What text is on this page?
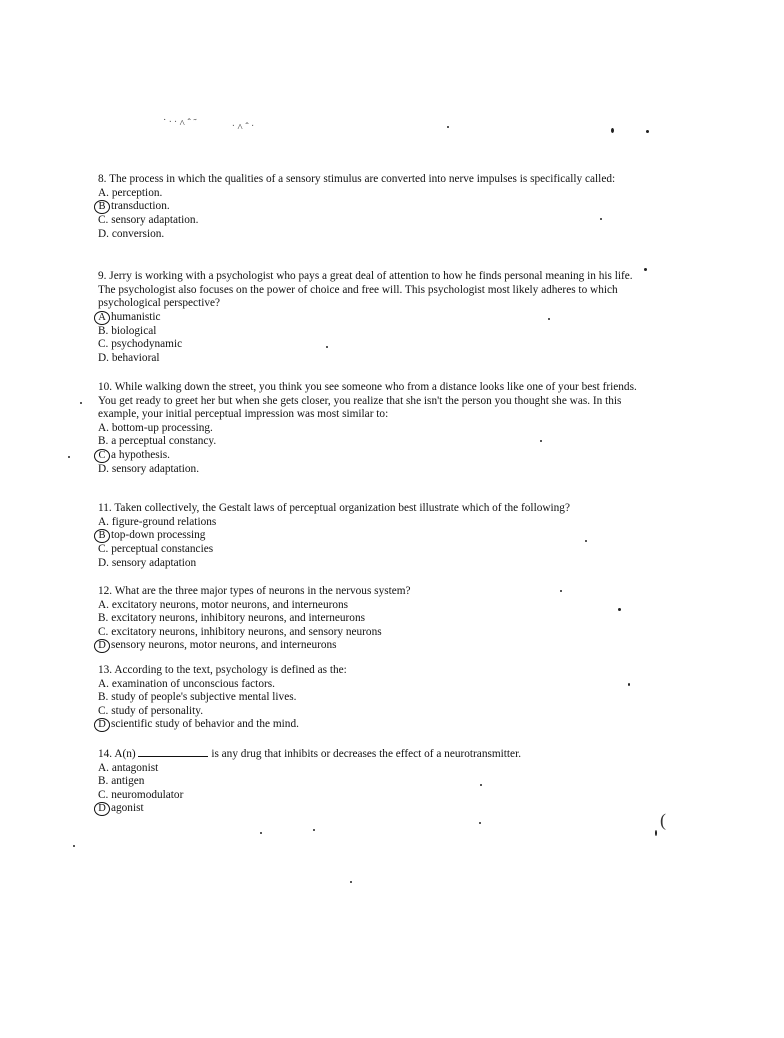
˙ ˑ ˑ ˄ ˆ ˜	ˑ ˄ ˆ ˑ
(

8. The process in which the qualities of a sensory stimulus are converted into nerve impulses is specifically called:

A. perception.

B transduction.

C. sensory adaptation.

D. conversion.

9. Jerry is working with a psychologist who pays a great deal of attention to how he finds personal meaning in his life. The psychologist also focuses on the power of choice and free will. This psychologist most likely adheres to which psychological perspective?

A humanistic

B. biological

C. psychodynamic

D. behavioral

10. While walking down the street, you think you see someone who from a distance looks like one of your best friends. You get ready to greet her but when she gets closer, you realize that she isn't the person you thought she was. In this example, your initial perceptual impression was most similar to:

A. bottom-up processing.

B. a perceptual constancy.

C a hypothesis.

D. sensory adaptation.

11. Taken collectively, the Gestalt laws of perceptual organization best illustrate which of the following?

A. figure-ground relations

B top-down processing

C. perceptual constancies

D. sensory adaptation

12. What are the three major types of neurons in the nervous system?

A. excitatory neurons, motor neurons, and interneurons

B. excitatory neurons, inhibitory neurons, and interneurons

C. excitatory neurons, inhibitory neurons, and sensory neurons

D sensory neurons, motor neurons, and interneurons

13. According to the text, psychology is defined as the:

A. examination of unconscious factors.

B. study of people's subjective mental lives.

C. study of personality.

D scientific study of behavior and the mind.

14. A(n)	is any drug that inhibits or decreases the effect of a neurotransmitter.

A. antagonist

B. antigen

C. neuromodulator

D agonist
